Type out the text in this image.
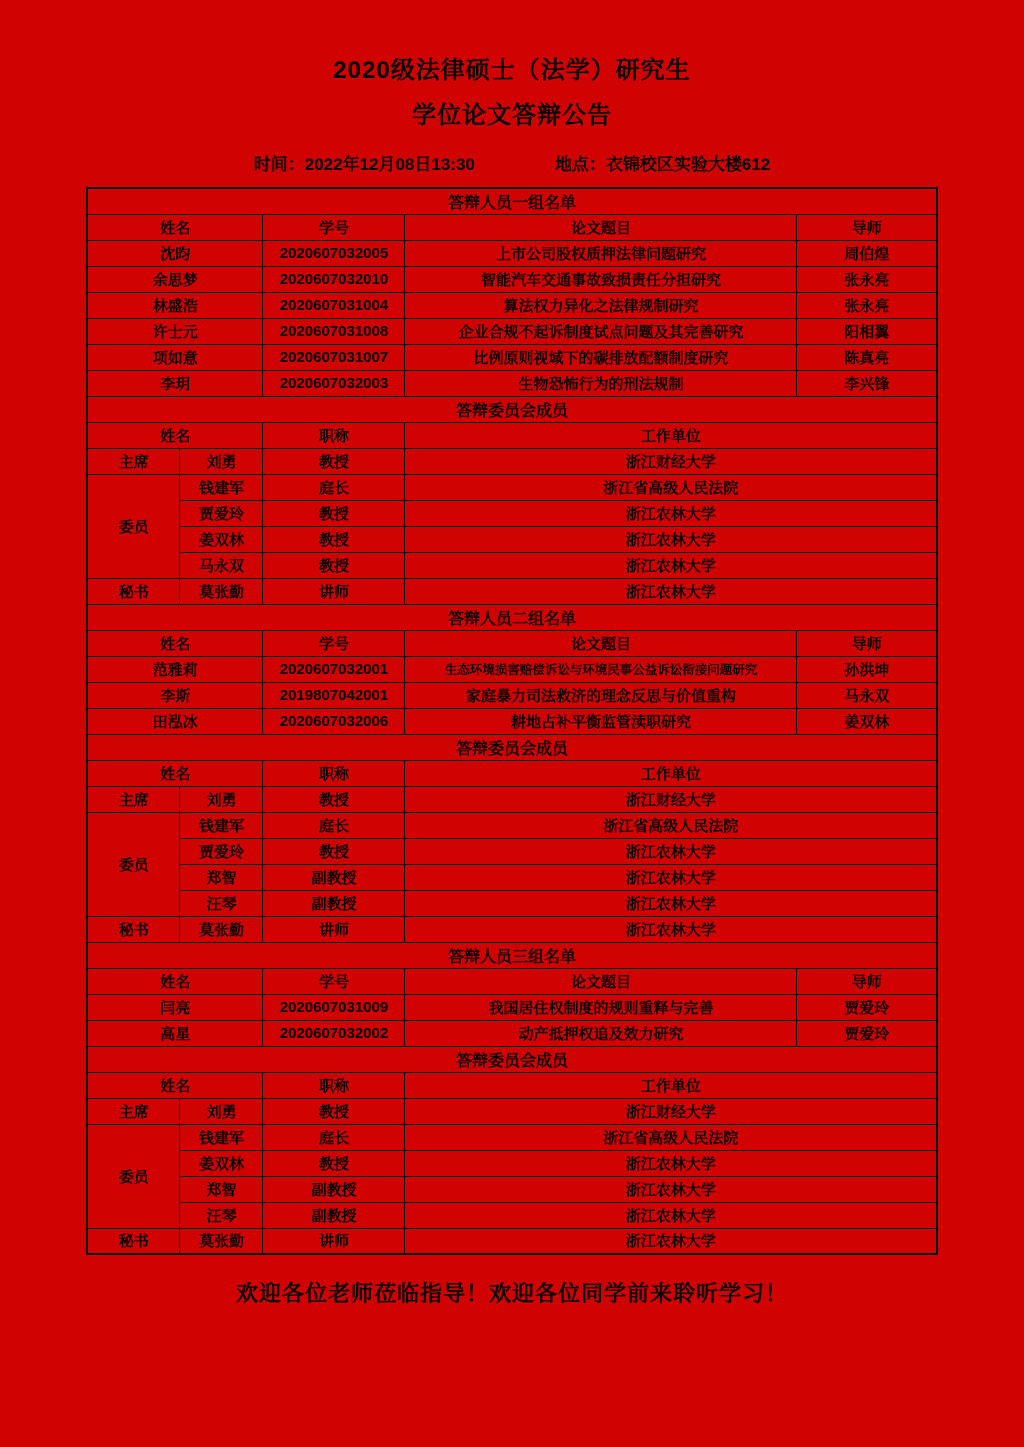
2020级法律硕士（法学）研究生
学位论文答辩公告
时间：2022年12月08日13:30	地点：衣锦校区实验大楼612
答辩人员一组名单				
姓名		学号	论文题目	导师
沈昀		2020607032005	上市公司股权质押法律问题研究	周伯煌
余思梦		2020607032010	智能汽车交通事故致损责任分担研究	张永亮
林盛浩		2020607031004	算法权力异化之法律规制研究	张永亮
许士元		2020607031008	企业合规不起诉制度试点问题及其完善研究	阳相翼
项如意		2020607031007	比例原则视域下的碳排放配额制度研究	陈真亮
李玥		2020607032003	生物恐怖行为的刑法规制	李兴锋
答辩委员会成员				
姓名		职称	工作单位	
主席	刘勇	教授	浙江财经大学	
委员	钱建军	庭长	浙江省高级人民法院	
	贾爱玲	教授	浙江农林大学	
	姜双林	教授	浙江农林大学	
	马永双	教授	浙江农林大学	
秘书	莫张勤	讲师	浙江农林大学	
答辩人员二组名单				
姓名		学号	论文题目	导师
范雅莉		2020607032001	生态环境损害赔偿诉讼与环境民事公益诉讼衔接问题研究	孙洪坤
李斯		2019807042001	家庭暴力司法救济的理念反思与价值重构	马永双
田泓冰		2020607032006	耕地占补平衡监管渎职研究	姜双林
答辩委员会成员				
姓名		职称	工作单位	
主席	刘勇	教授	浙江财经大学	
委员	钱建军	庭长	浙江省高级人民法院	
	贾爱玲	教授	浙江农林大学	
	郑智	副教授	浙江农林大学	
	汪琴	副教授	浙江农林大学	
秘书	莫张勤	讲师	浙江农林大学	
答辩人员三组名单				
姓名		学号	论文题目	导师
闫亮		2020607031009	我国居住权制度的规则重释与完善	贾爱玲
高星		2020607032002	动产抵押权追及效力研究	贾爱玲
答辩委员会成员				
姓名		职称	工作单位	
主席	刘勇	教授	浙江财经大学	
委员	钱建军	庭长	浙江省高级人民法院	
	姜双林	教授	浙江农林大学	
	郑智	副教授	浙江农林大学	
	汪琴	副教授	浙江农林大学	
秘书	莫张勤	讲师	浙江农林大学	
欢迎各位老师莅临指导！欢迎各位同学前来聆听学习！
